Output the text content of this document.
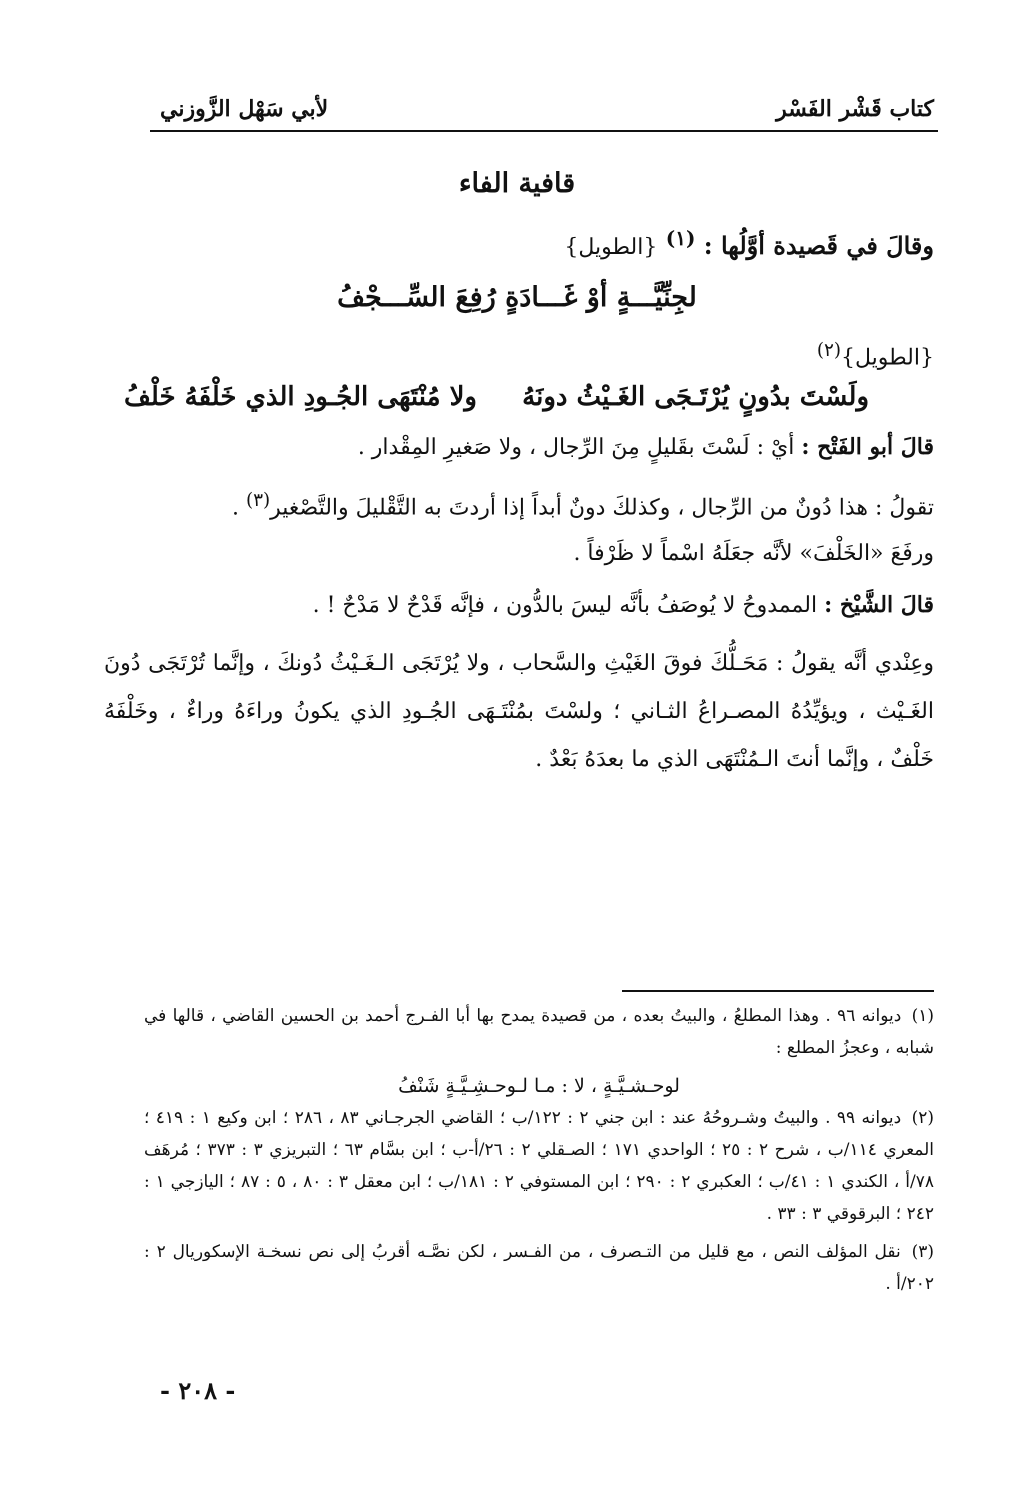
كتاب قَشْر الفَسْر
لأبي سَهْل الزَّوزني
قافية الفاء
وقالَ في قَصيدة أوَّلُها : $^{(١)}$ {الطويل}
لجِنِّيَّـــةٍ أوْ غَـــادَةٍ رُفِعَ السِّـــجْفُ
{الطويل}$^{(٢)}$
ولَسْتَ بدُونٍ يُرْتَـجَى الغَـيْثُ دونَهُ
ولا مُنْتَهَى الجُـودِ الذي خَلْفَهُ خَلْفُ
قالَ أبو الفَتْح : أيْ : لَسْتَ بقَليلٍ مِنَ الرِّجال ، ولا صَغيرِ المِقْدار .
تقولُ : هذا دُونٌ من الرِّجال ، وكذلكَ دونٌ أبداً إذا أردتَ به التَّقْليلَ والتَّصْغير$^{(٣)}$ .
ورفَعَ «الخَلْفَ» لأنَّه جعَلَهُ اسْماً لا ظَرْفاً .
قالَ الشَّيْخ : الممدوحُ لا يُوصَفُ بأنَّه ليسَ بالدُّون ، فإنَّه قَدْحٌ لا مَدْحٌ ! .
وعِنْدي أنَّه يقولُ : مَحَـلُّكَ فوقَ الغَيْثِ والسَّحاب ، ولا يُرْتَجَى الـغَـيْثُ دُونكَ ، وإنَّما تُرْتَجَى دُونَ الغَـيْث ، ويؤيِّدُهُ المصـراعُ الثـاني ؛ ولسْتَ بمُنْتَـهَى الجُـودِ الذي يكونُ وراءَهُ وراءٌ ، وخَلْفَهُ خَلْفٌ ، وإنَّما أنتَ الـمُنْتَهَى الذي ما بعدَهُ بَعْدٌ .

(١) ديوانه ٩٦ . وهذا المطلعُ ، والبيتُ بعده ، من قصيدة يمدح بها أبا الفـرج أحمد بن الحسين القاضي ، قالها في شبابه ، وعجزُ المطلع :

لوحـشـيَّـةٍ ، لا : مـا لـوحـشِـيَّـةٍ شَنْفُ

(٢) ديوانه ٩٩ . والبيتُ وشـروحُهُ عند : ابن جني ٢ : ١٢٢/ب ؛ القاضي الجرجـاني ٨٣ ، ٢٨٦ ؛ ابن وكيع ١ : ٤١٩ ؛ المعري ١١٤/ب ، شرح ٢ : ٢٥ ؛ الواحدي ١٧١ ؛ الصـقلي ٢ : ٢٦/أ-ب ؛ ابن بسَّام ٦٣ ؛ التبريزي ٣ : ٣٧٣ ؛ مُرهَف ٧٨/أ ، الكندي ١ : ٤١/ب ؛ العكبري ٢ : ٢٩٠ ؛ ابن المستوفي ٢ : ١٨١/ب ؛ ابن معقل ٣ : ٨٠ ، ٥ : ٨٧ ؛ اليازجي ١ : ٢٤٢ ؛ البرقوقي ٣ : ٣٣ .

(٣) نقل المؤلف النص ، مع قليل من التـصرف ، من الفـسر ، لكن نصَّـه أقربُ إلى نص نسخـة الإسكوريال ٢ : ٢٠٢/أ .

- ٢٠٨ -
